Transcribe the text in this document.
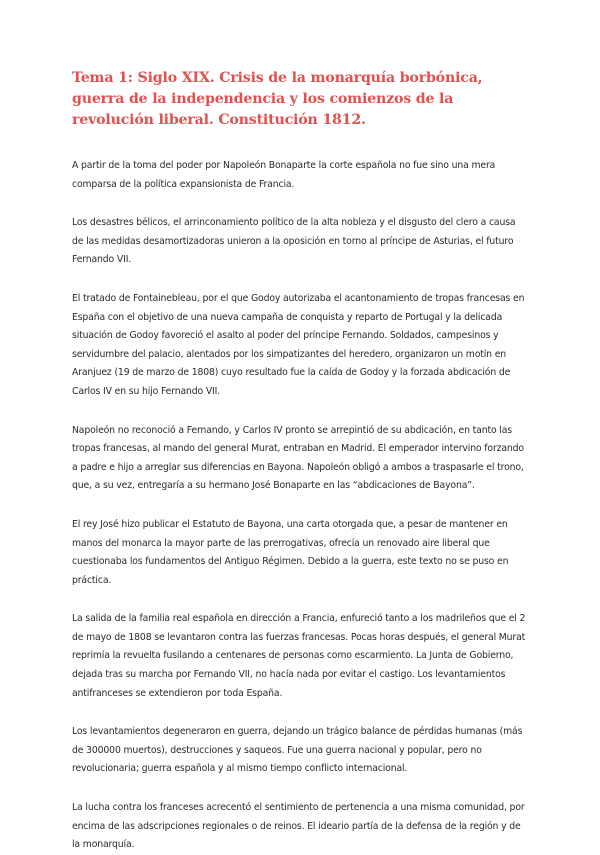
Tema 1: Siglo XIX. Crisis de la monarquía borbónica, guerra de la independencia y los comienzos de la revolución liberal. Constitución 1812.

A partir de la toma del poder por Napoleón Bonaparte la corte española no fue sino una mera comparsa de la política expansionista de Francia.

Los desastres bélicos, el arrinconamiento político de la alta nobleza y el disgusto del clero a causa de las medidas desamortizadoras unieron a la oposición en torno al príncipe de Asturias, el futuro Fernando VII.

El tratado de Fontainebleau, por el que Godoy autorizaba el acantonamiento de tropas francesas en España con el objetivo de una nueva campaña de conquista y reparto de Portugal y la delicada situación de Godoy favoreció el asalto al poder del príncipe Fernando. Soldados, campesinos y servidumbre del palacio, alentados por los simpatizantes del heredero, organizaron un motín en Aranjuez (19 de marzo de 1808) cuyo resultado fue la caída de Godoy y la forzada abdicación de Carlos IV en su hijo Fernando VII.

Napoleón no reconoció a Fernando, y Carlos IV pronto se arrepintió de su abdicación, en tanto las tropas francesas, al mando del general Murat, entraban en Madrid. El emperador intervino forzando a padre e hijo a arreglar sus diferencias en Bayona. Napoleón obligó a ambos a traspasarle el trono, que, a su vez, entregaría a su hermano José Bonaparte en las “abdicaciones de Bayona”.

El rey José hizo publicar el Estatuto de Bayona, una carta otorgada que, a pesar de mantener en manos del monarca la mayor parte de las prerrogativas, ofrecía un renovado aire liberal que cuestionaba los fundamentos del Antiguo Régimen. Debido a la guerra, este texto no se puso en práctica.

La salida de la familia real española en dirección a Francia, enfureció tanto a los madrileños que el 2 de mayo de 1808 se levantaron contra las fuerzas francesas. Pocas horas después, el general Murat reprimía la revuelta fusilando a centenares de personas como escarmiento. La Junta de Gobierno, dejada tras su marcha por Fernando VII, no hacía nada por evitar el castigo. Los levantamientos antifranceses se extendieron por toda España.

Los levantamientos degeneraron en guerra, dejando un trágico balance de pérdidas humanas (más de 300000 muertos), destrucciones y saqueos. Fue una guerra nacional y popular, pero no revolucionaria; guerra española y al mismo tiempo conflicto internacional.

La lucha contra los franceses acrecentó el sentimiento de pertenencia a una misma comunidad, por encima de las adscripciones regionales o de reinos. El ideario partía de la defensa de la región y de la monarquía.
